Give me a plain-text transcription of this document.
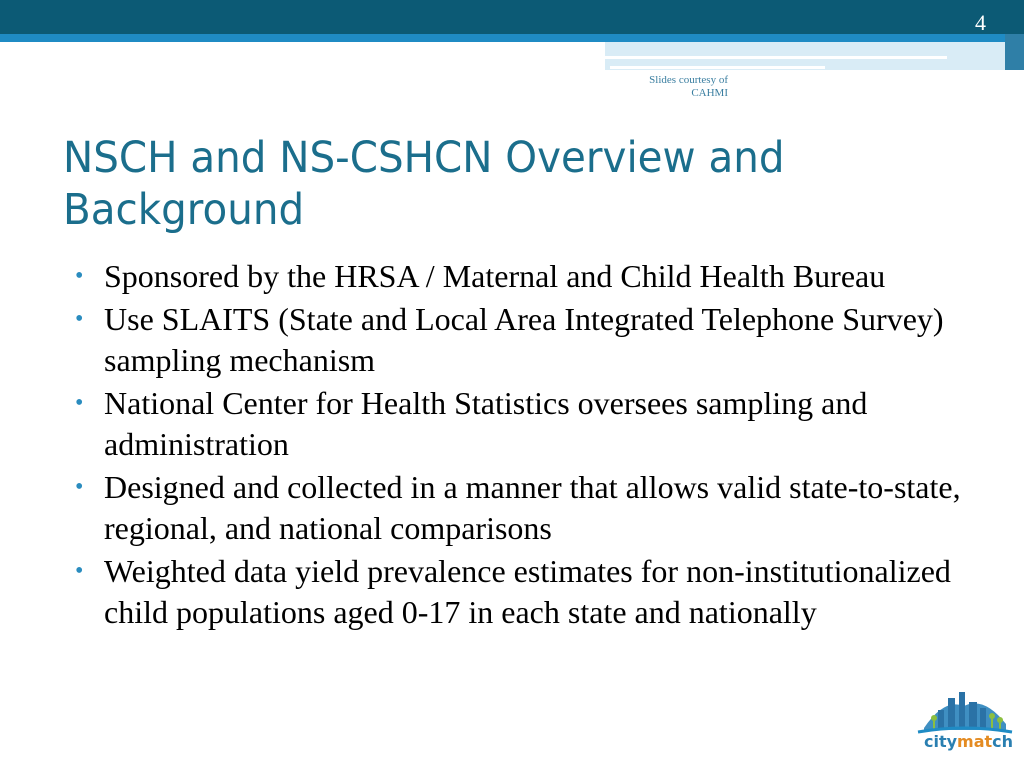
4
Slides courtesy of
CAHMI
NSCH and NS-CSHCN Overview and Background
• Sponsored by the HRSA / Maternal and Child Health Bureau
• Use SLAITS (State and Local Area Integrated Telephone Survey) sampling mechanism
• National Center for Health Statistics oversees sampling and administration
• Designed and collected in a manner that allows valid state-to-state, regional, and national comparisons
• Weighted data yield prevalence estimates for non-institutionalized child populations aged 0-17 in each state and nationally
citymatch
